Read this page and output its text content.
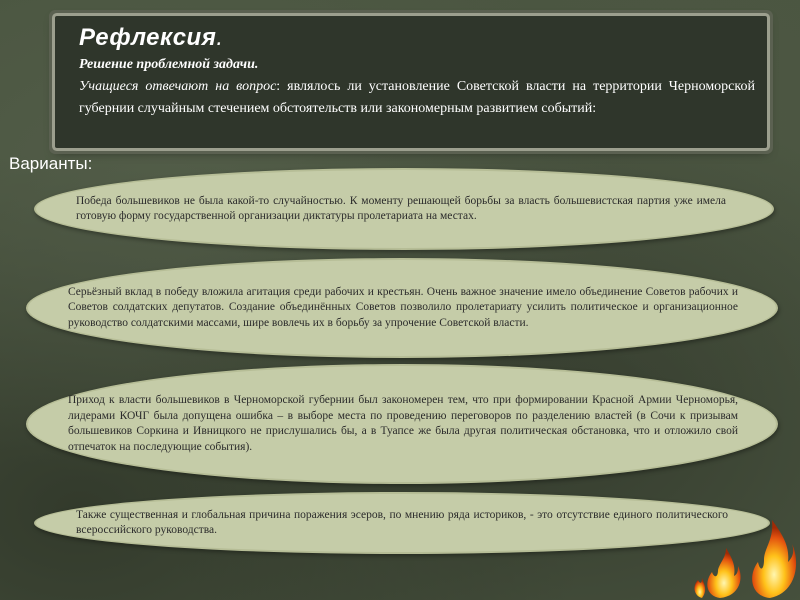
Рефлексия.

Решение проблемной задачи.

Учащиеся отвечают на вопрос: являлось ли установление Советской власти на территории Черноморской губернии случайным стечением обстоятельств или закономерным развитием событий:

Варианты:

Победа большевиков не была какой-то случайностью. К моменту решающей борьбы за власть большевистская партия уже имела готовую форму государственной организации диктатуры пролетариата на местах.

Серьёзный вклад в победу вложила агитация среди рабочих и крестьян. Очень важное значение имело объединение Советов рабочих и Советов солдатских депутатов. Создание объединённых Советов позволило пролетариату усилить политическое и организационное руководство солдатскими массами, шире вовлечь их в борьбу за упрочение Советской власти.

Приход к власти большевиков в Черноморской губернии был закономерен тем, что при формировании Красной Армии Черноморья, лидерами КОЧГ была допущена ошибка – в выборе места по проведению переговоров по разделению властей (в Сочи к призывам большевиков Соркина и Ивницкого не прислушались бы, а в Туапсе же была другая политическая обстановка, что и отложило свой отпечаток на последующие события).

Также существенная и глобальная причина поражения эсеров, по мнению ряда историков, - это отсутствие единого политического всероссийского руководства.
